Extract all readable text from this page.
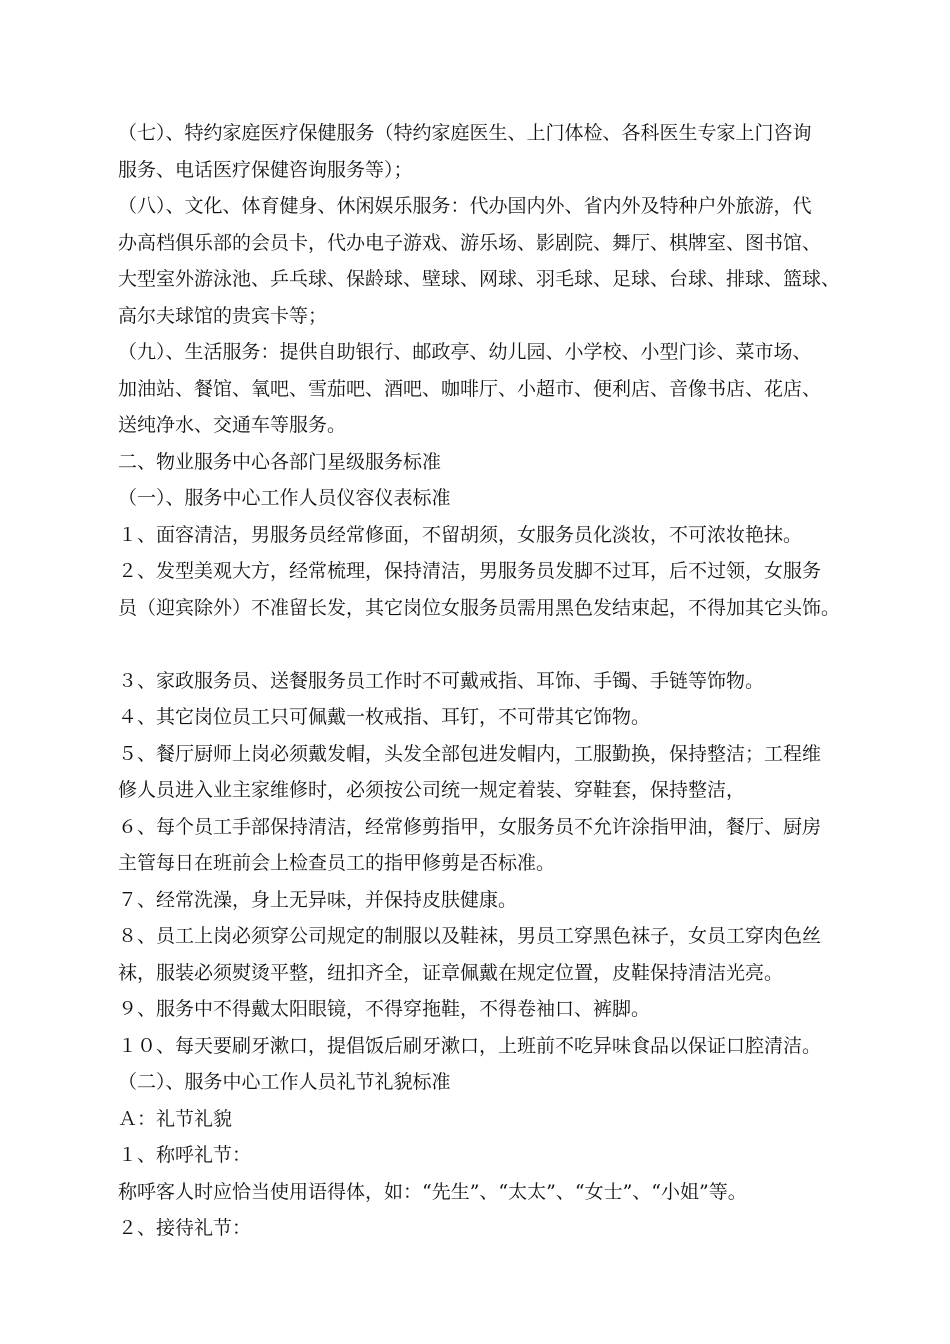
（七）、特约家庭医疗保健服务（特约家庭医生、上门体检、各科医生专家上门咨询
服务、电话医疗保健咨询服务等）；
（八）、文化、体育健身、休闲娱乐服务：代办国内外、省内外及特种户外旅游，代
办高档俱乐部的会员卡，代办电子游戏、游乐场、影剧院、舞厅、棋牌室、图书馆、
大型室外游泳池、乒乓球、保龄球、壁球、网球、羽毛球、足球、台球、排球、篮球、
高尔夫球馆的贵宾卡等；
（九）、生活服务：提供自助银行、邮政亭、幼儿园、小学校、小型门诊、菜市场、
加油站、餐馆、氧吧、雪茄吧、酒吧、咖啡厅、小超市、便利店、音像书店、花店、
送纯净水、交通车等服务。
二、物业服务中心各部门星级服务标准
（一）、服务中心工作人员仪容仪表标准
１、面容清洁，男服务员经常修面，不留胡须，女服务员化淡妆，不可浓妆艳抹。
２、发型美观大方，经常梳理，保持清洁，男服务员发脚不过耳，后不过领，女服务
员（迎宾除外）不准留长发，其它岗位女服务员需用黑色发结束起，不得加其它头饰。
３、家政服务员、送餐服务员工作时不可戴戒指、耳饰、手镯、手链等饰物。
４、其它岗位员工只可佩戴一枚戒指、耳钉，不可带其它饰物。
５、餐厅厨师上岗必须戴发帽，头发全部包进发帽内，工服勤换，保持整洁；工程维
修人员进入业主家维修时，必须按公司统一规定着装、穿鞋套，保持整洁，
６、每个员工手部保持清洁，经常修剪指甲，女服务员不允许涂指甲油，餐厅、厨房
主管每日在班前会上检查员工的指甲修剪是否标准。
７、经常洗澡，身上无异味，并保持皮肤健康。
８、员工上岗必须穿公司规定的制服以及鞋袜，男员工穿黑色袜子，女员工穿肉色丝
袜，服装必须熨烫平整，纽扣齐全，证章佩戴在规定位置，皮鞋保持清洁光亮。
９、服务中不得戴太阳眼镜，不得穿拖鞋，不得卷袖口、裤脚。
１０、每天要刷牙漱口，提倡饭后刷牙漱口，上班前不吃异味食品以保证口腔清洁。
（二）、服务中心工作人员礼节礼貌标准
Ａ：礼节礼貌
１、称呼礼节：
称呼客人时应恰当使用语得体，如：“先生”、“太太”、“女士”、“小姐”等。
２、接待礼节：
